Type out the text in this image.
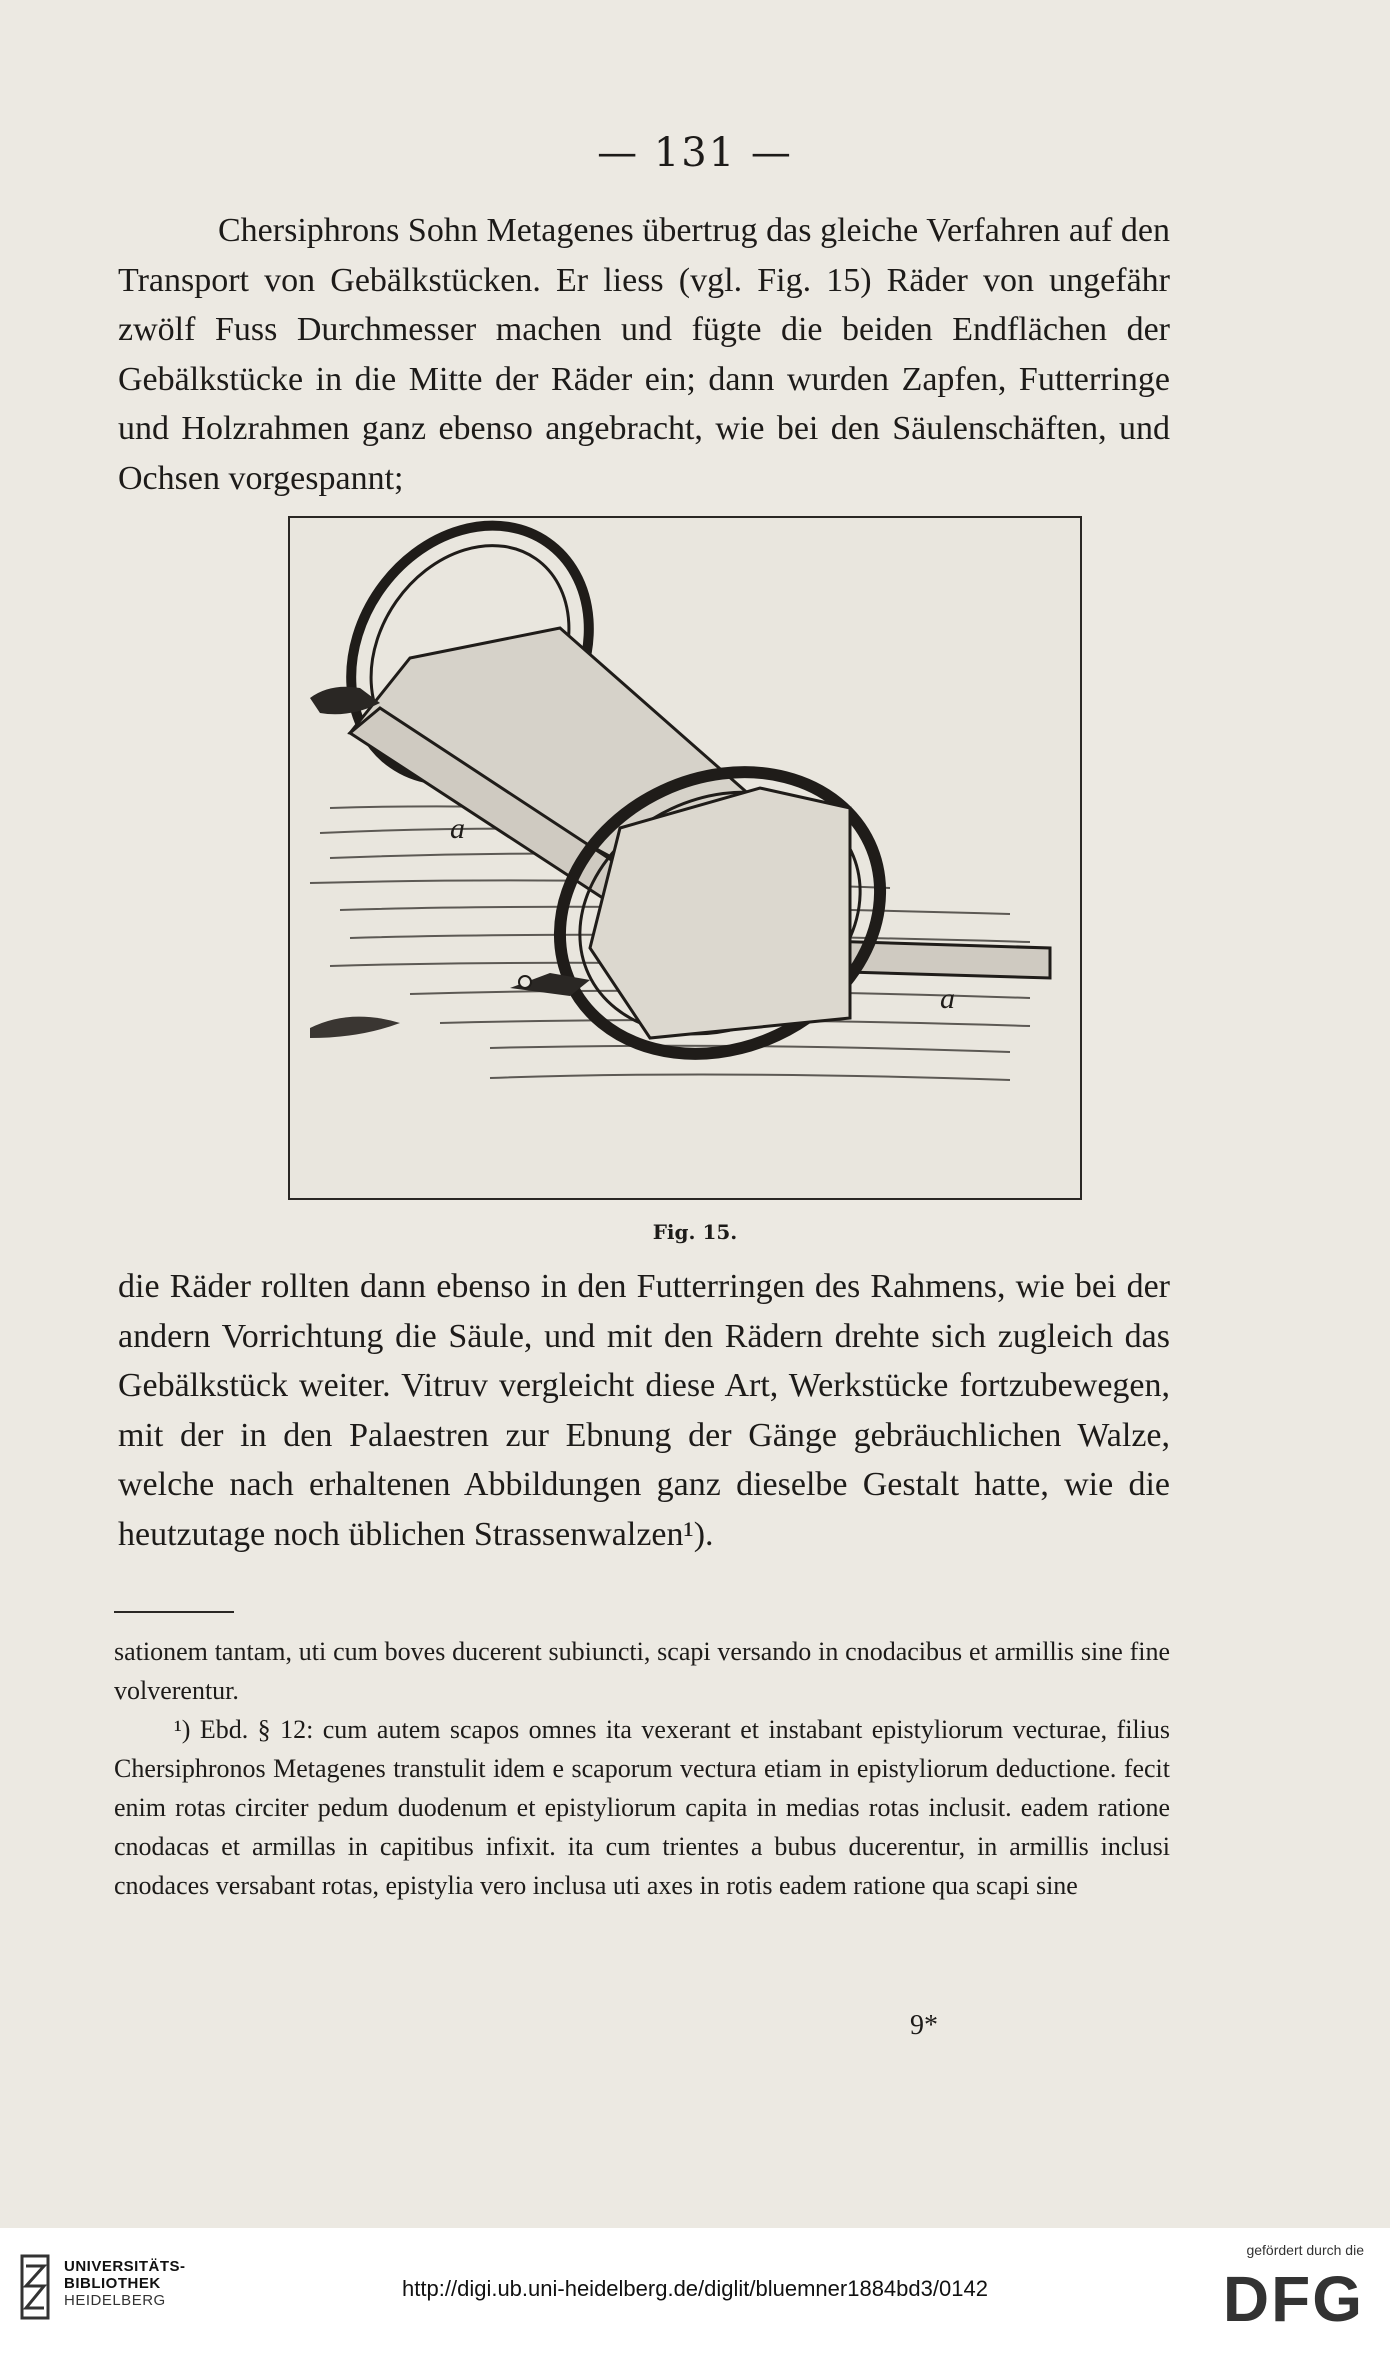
— 131 —

Chersiphrons Sohn Metagenes übertrug das gleiche Verfahren auf den Transport von Gebälkstücken. Er liess (vgl. Fig. 15) Räder von ungefähr zwölf Fuss Durchmesser machen und fügte die beiden Endflächen der Gebälkstücke in die Mitte der Räder ein; dann wurden Zapfen, Futterringe und Holzrahmen ganz ebenso angebracht, wie bei den Säulenschäften, und Ochsen vorgespannt;

a
a
Fig. 15.

die Räder rollten dann ebenso in den Futterringen des Rahmens, wie bei der andern Vorrichtung die Säule, und mit den Rädern drehte sich zugleich das Gebälkstück weiter. Vitruv vergleicht diese Art, Werkstücke fortzubewegen, mit der in den Palaestren zur Ebnung der Gänge gebräuchlichen Walze, welche nach erhaltenen Abbildungen ganz dieselbe Gestalt hatte, wie die heutzutage noch üblichen Strassenwalzen¹).

sationem tantam, uti cum boves ducerent subiuncti, scapi versando in cnodacibus et armillis sine fine volverentur.

¹) Ebd. § 12: cum autem scapos omnes ita vexerant et instabant epistyliorum vecturae, filius Chersiphronos Metagenes transtulit idem e scaporum vectura etiam in epistyliorum deductione. fecit enim rotas circiter pedum duodenum et epistyliorum capita in medias rotas inclusit. eadem ratione cnodacas et armillas in capitibus infixit. ita cum trientes a bubus ducerentur, in armillis inclusi cnodaces versabant rotas, epistylia vero inclusa uti axes in rotis eadem ratione qua scapi sine

9*
UNIVERSITÄTS-
BIBLIOTHEK
HEIDELBERG	http://digi.ub.uni-heidelberg.de/diglit/bluemner1884bd3/0142
gefördert durch die
DFG
